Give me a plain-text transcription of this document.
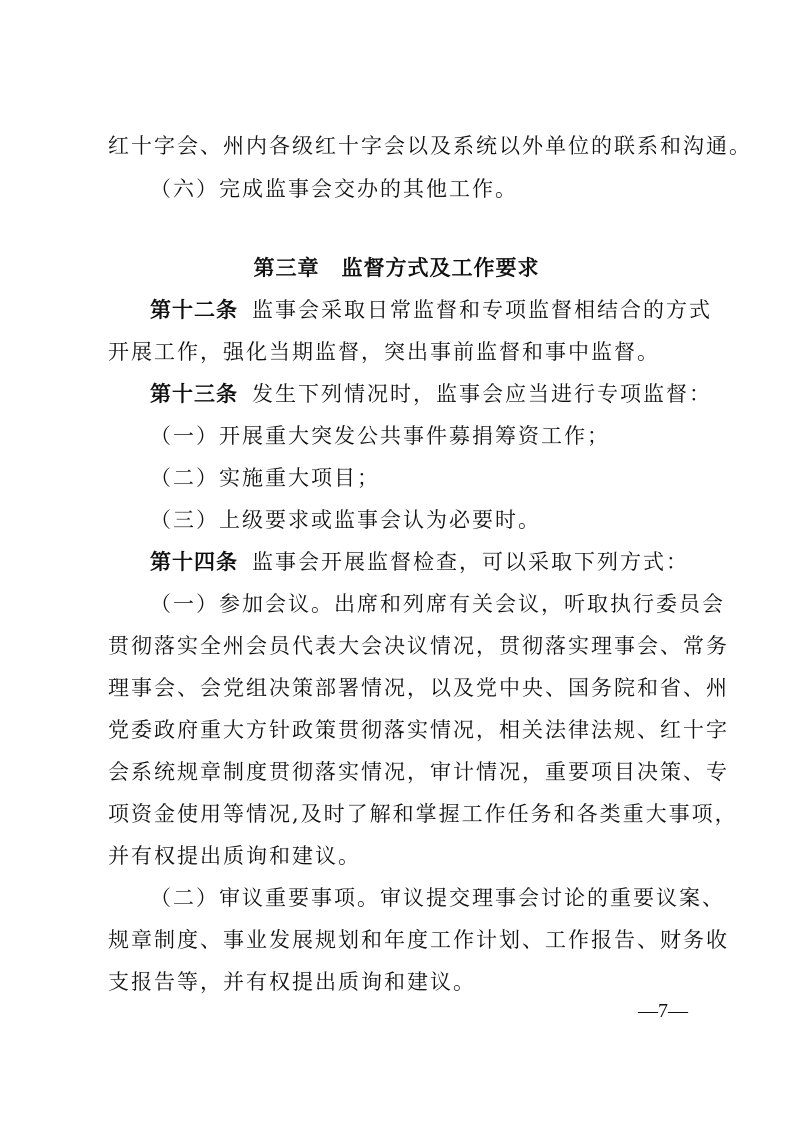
红十字会、州内各级红十字会以及系统以外单位的联系和沟通。
（六）完成监事会交办的其他工作。
第三章 监督方式及工作要求
第十二条 监事会采取日常监督和专项监督相结合的方式
开展工作，强化当期监督，突出事前监督和事中监督。
第十三条 发生下列情况时，监事会应当进行专项监督：
（一）开展重大突发公共事件募捐筹资工作；
（二）实施重大项目；
（三）上级要求或监事会认为必要时。
第十四条 监事会开展监督检查，可以采取下列方式：
（一）参加会议。出席和列席有关会议，听取执行委员会
贯彻落实全州会员代表大会决议情况，贯彻落实理事会、常务
理事会、会党组决策部署情况，以及党中央、国务院和省、州
党委政府重大方针政策贯彻落实情况，相关法律法规、红十字
会系统规章制度贯彻落实情况，审计情况，重要项目决策、专
项资金使用等情况,及时了解和掌握工作任务和各类重大事项，
并有权提出质询和建议。
（二）审议重要事项。审议提交理事会讨论的重要议案、
规章制度、事业发展规划和年度工作计划、工作报告、财务收
支报告等，并有权提出质询和建议。
—7—
